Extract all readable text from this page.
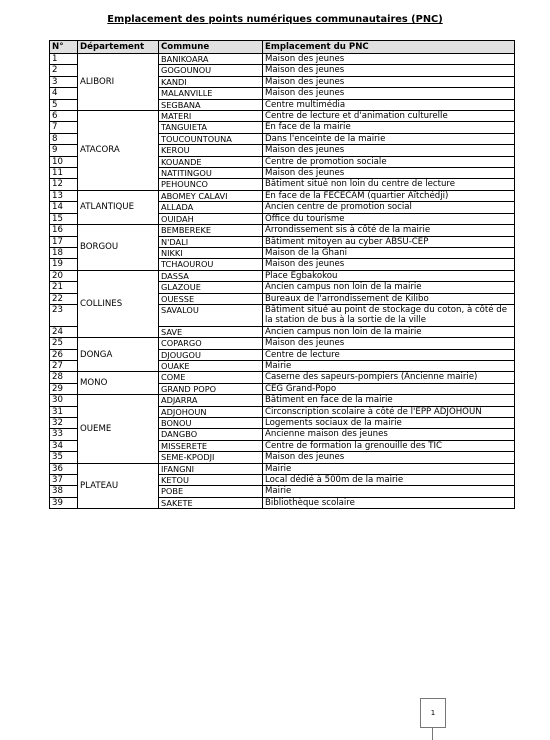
Emplacement des points numériques communautaires (PNC)
N°	Département	Commune	Emplacement du PNC
1	ALIBORI	BANIKOARA	Maison des jeunes
2		GOGOUNOU	Maison des jeunes
3		KANDI	Maison des jeunes
4		MALANVILLE	Maison des jeunes
5		SEGBANA	Centre multimédia
6	ATACORA	MATERI	Centre de lecture et d'animation culturelle
7		TANGUIETA	En face de la mairie
8		TOUCOUNTOUNA	Dans l'enceinte de la mairie
9		KEROU	Maison des jeunes
10		KOUANDE	Centre de promotion sociale
11		NATITINGOU	Maison des jeunes
12		PEHOUNCO	Bâtiment situé non loin du centre de lecture
13	ATLANTIQUE	ABOMEY CALAVI	En face de la FECECAM (quartier Aïtchédji)
14		ALLADA	Ancien centre de promotion social
15		OUIDAH	Office du tourisme
16	BORGOU	BEMBEREKE	Arrondissement sis à côté de la mairie
17		N'DALI	Bâtiment mitoyen au cyber ABSU-CEP
18		NIKKI	Maison de la Ghani
19		TCHAOUROU	Maison des jeunes
20	COLLINES	DASSA	Place Egbakokou
21		GLAZOUE	Ancien campus non loin de la mairie
22		OUESSE	Bureaux de l'arrondissement de Kilibo
23		SAVALOU	Bâtiment situé au point de stockage du coton, à côté de la station de bus à la sortie de la ville
24		SAVE	Ancien campus non loin de la mairie
25	DONGA	COPARGO	Maison des jeunes
26		DJOUGOU	Centre de lecture
27		OUAKE	Mairie
28	MONO	COME	Caserne des sapeurs-pompiers (Ancienne mairie)
29		GRAND POPO	CEG Grand-Popo
30	OUEME	ADJARRA	Bâtiment en face de la mairie
31		ADJOHOUN	Circonscription scolaire à côté de l'EPP ADJOHOUN
32		BONOU	Logements sociaux de la mairie
33		DANGBO	Ancienne maison des jeunes
34		MISSERETE	Centre de formation la grenouille des TIC
35		SEME-KPODJI	Maison des jeunes
36	PLATEAU	IFANGNI	Mairie
37		KETOU	Local dédié à 500m de la mairie
38		POBE	Mairie
39		SAKETE	Bibliothèque scolaire
1
